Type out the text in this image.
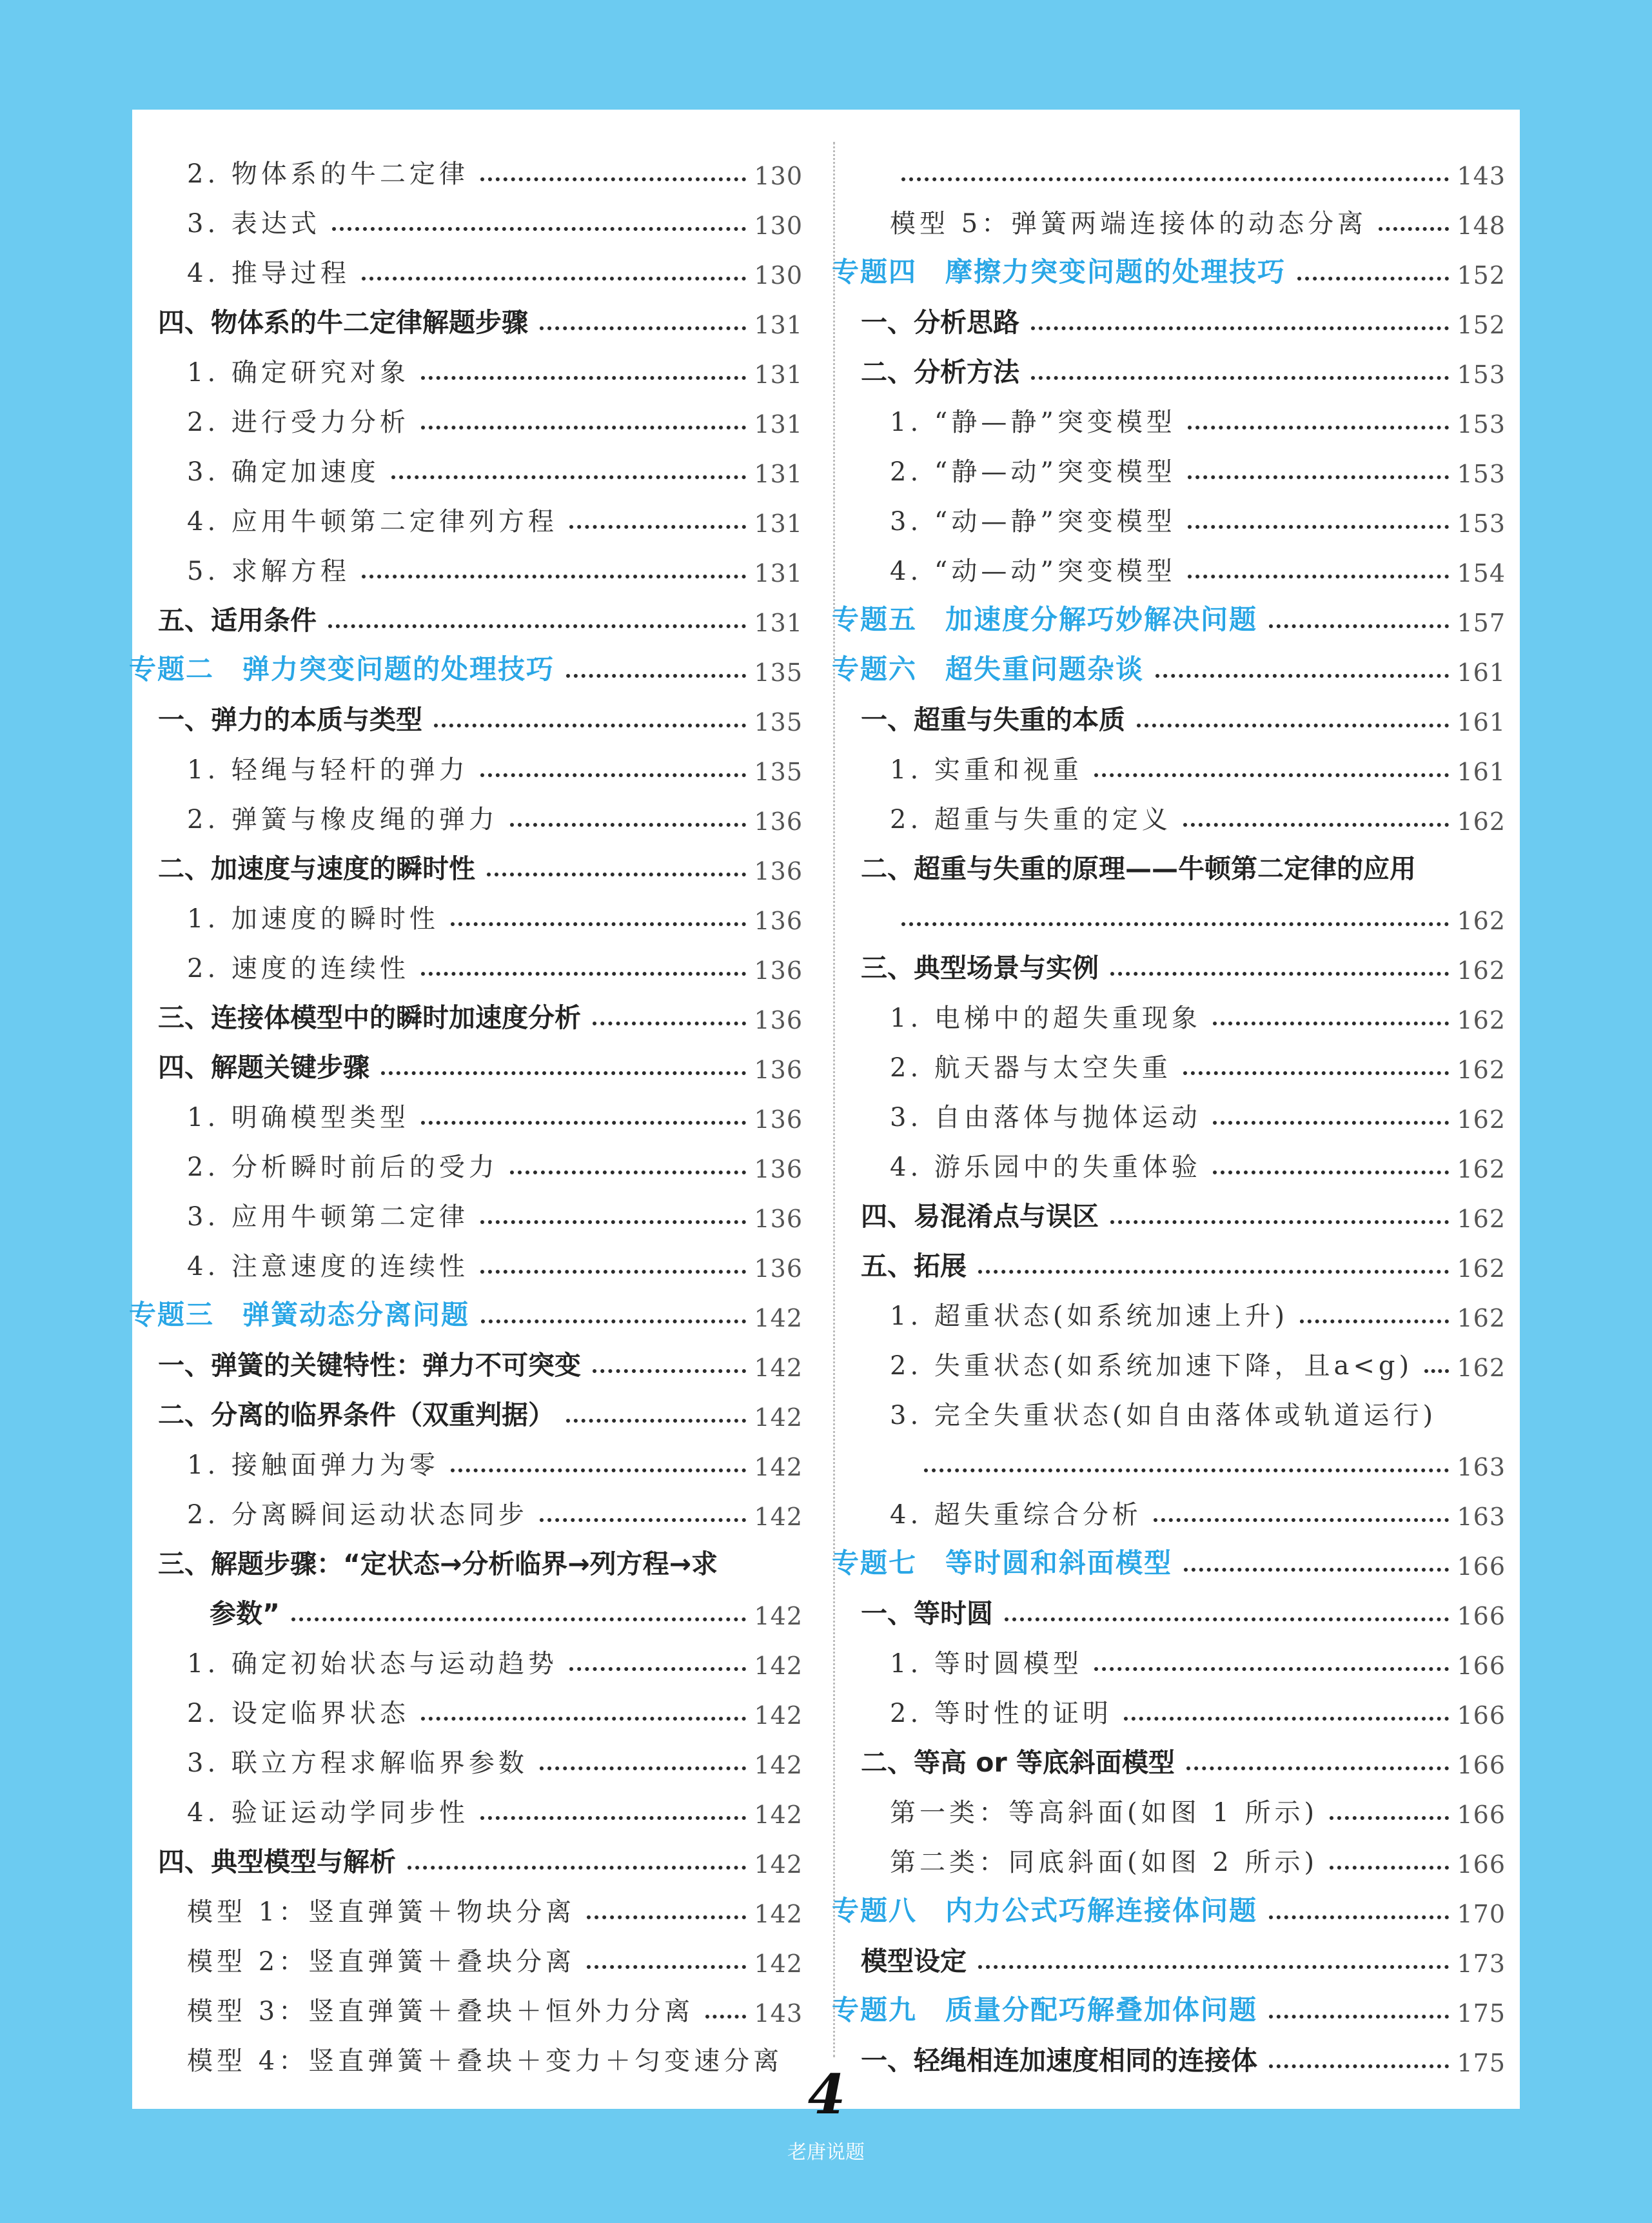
2. 物体系的牛二定律	130
3. 表达式	130
4. 推导过程	130
四、物体系的牛二定律解题步骤	131
1. 确定研究对象	131
2. 进行受力分析	131
3. 确定加速度	131
4. 应用牛顿第二定律列方程	131
5. 求解方程	131
五、适用条件	131
专题二　弹力突变问题的处理技巧	135
一、弹力的本质与类型	135
1. 轻绳与轻杆的弹力	135
2. 弹簧与橡皮绳的弹力	136
二、加速度与速度的瞬时性	136
1. 加速度的瞬时性	136
2. 速度的连续性	136
三、连接体模型中的瞬时加速度分析	136
四、解题关键步骤	136
1. 明确模型类型	136
2. 分析瞬时前后的受力	136
3. 应用牛顿第二定律	136
4. 注意速度的连续性	136
专题三　弹簧动态分离问题	142
一、弹簧的关键特性：弹力不可突变	142
二、分离的临界条件（双重判据）	142
1. 接触面弹力为零	142
2. 分离瞬间运动状态同步	142
三、解题步骤：“定状态→分析临界→列方程→求
参数”	142
1. 确定初始状态与运动趋势	142
2. 设定临界状态	142
3. 联立方程求解临界参数	142
4. 验证运动学同步性	142
四、典型模型与解析	142
模型 1：竖直弹簧＋物块分离	142
模型 2：竖直弹簧＋叠块分离	142
模型 3：竖直弹簧＋叠块＋恒外力分离 143
模型 4：竖直弹簧＋叠块＋变力＋匀变速分离
143
模型 5：弹簧两端连接体的动态分离	148
专题四　摩擦力突变问题的处理技巧	152
一、分析思路	152
二、分析方法	153
1. “静—静”突变模型	153
2. “静—动”突变模型	153
3. “动—静”突变模型	153
4. “动—动”突变模型	154
专题五　加速度分解巧妙解决问题	157
专题六　超失重问题杂谈	161
一、超重与失重的本质	161
1. 实重和视重	161
2. 超重与失重的定义	162
二、超重与失重的原理——牛顿第二定律的应用
162
三、典型场景与实例	162
1. 电梯中的超失重现象	162
2. 航天器与太空失重	162
3. 自由落体与抛体运动	162
4. 游乐园中的失重体验	162
四、易混淆点与误区	162
五、拓展	162
1. 超重状态(如系统加速上升)	162
2. 失重状态(如系统加速下降，且a<g) 162
3. 完全失重状态(如自由落体或轨道运行)
163
4. 超失重综合分析	163
专题七　等时圆和斜面模型	166
一、等时圆	166
1. 等时圆模型	166
2. 等时性的证明	166
二、等高 or 等底斜面模型	166
第一类：等高斜面(如图 1 所示)	166
第二类：同底斜面(如图 2 所示)	166
专题八　内力公式巧解连接体问题	170
模型设定	173
专题九　质量分配巧解叠加体问题	175
一、轻绳相连加速度相同的连接体	175
4
老唐说题
